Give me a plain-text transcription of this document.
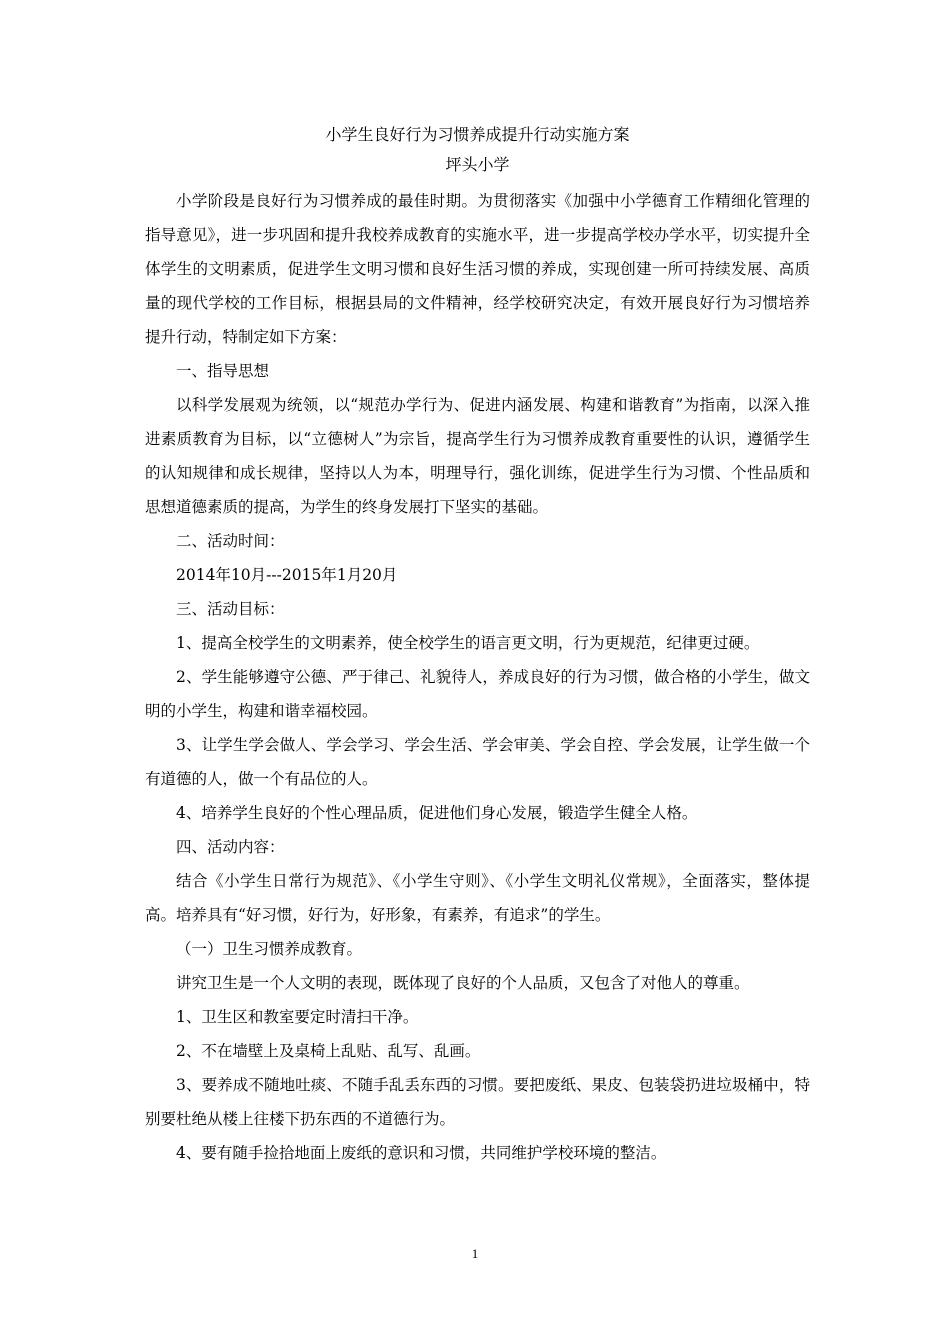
小学生良好行为习惯养成提升行动实施方案

坪头小学

小学阶段是良好行为习惯养成的最佳时期。为贯彻落实《加强中小学德育工作精细化管理的指导意见》，进一步巩固和提升我校养成教育的实施水平，进一步提高学校办学水平，切实提升全体学生的文明素质，促进学生文明习惯和良好生活习惯的养成，实现创建一所可持续发展、高质量的现代学校的工作目标，根据县局的文件精神，经学校研究决定，有效开展良好行为习惯培养提升行动，特制定如下方案：

一、指导思想

以科学发展观为统领，以“规范办学行为、促进内涵发展、构建和谐教育”为指南，以深入推进素质教育为目标，以“立德树人”为宗旨，提高学生行为习惯养成教育重要性的认识，遵循学生的认知规律和成长规律，坚持以人为本，明理导行，强化训练，促进学生行为习惯、个性品质和思想道德素质的提高，为学生的终身发展打下坚实的基础。

二、活动时间：

2014年10月---2015年1月20月

三、活动目标：

1、提高全校学生的文明素养，使全校学生的语言更文明，行为更规范，纪律更过硬。

2、学生能够遵守公德、严于律己、礼貌待人，养成良好的行为习惯，做合格的小学生，做文明的小学生，构建和谐幸福校园。

3、让学生学会做人、学会学习、学会生活、学会审美、学会自控、学会发展，让学生做一个有道德的人，做一个有品位的人。

4、培养学生良好的个性心理品质，促进他们身心发展，锻造学生健全人格。

四、活动内容：

结合《小学生日常行为规范》、《小学生守则》、《小学生文明礼仪常规》，全面落实，整体提高。培养具有“好习惯，好行为，好形象，有素养，有追求”的学生。

（一）卫生习惯养成教育。

讲究卫生是一个人文明的表现，既体现了良好的个人品质，又包含了对他人的尊重。

1、卫生区和教室要定时清扫干净。

2、不在墙壁上及桌椅上乱贴、乱写、乱画。

3、要养成不随地吐痰、不随手乱丢东西的习惯。要把废纸、果皮、包装袋扔进垃圾桶中，特别要杜绝从楼上往楼下扔东西的不道德行为。

4、要有随手捡拾地面上废纸的意识和习惯，共同维护学校环境的整洁。

1
